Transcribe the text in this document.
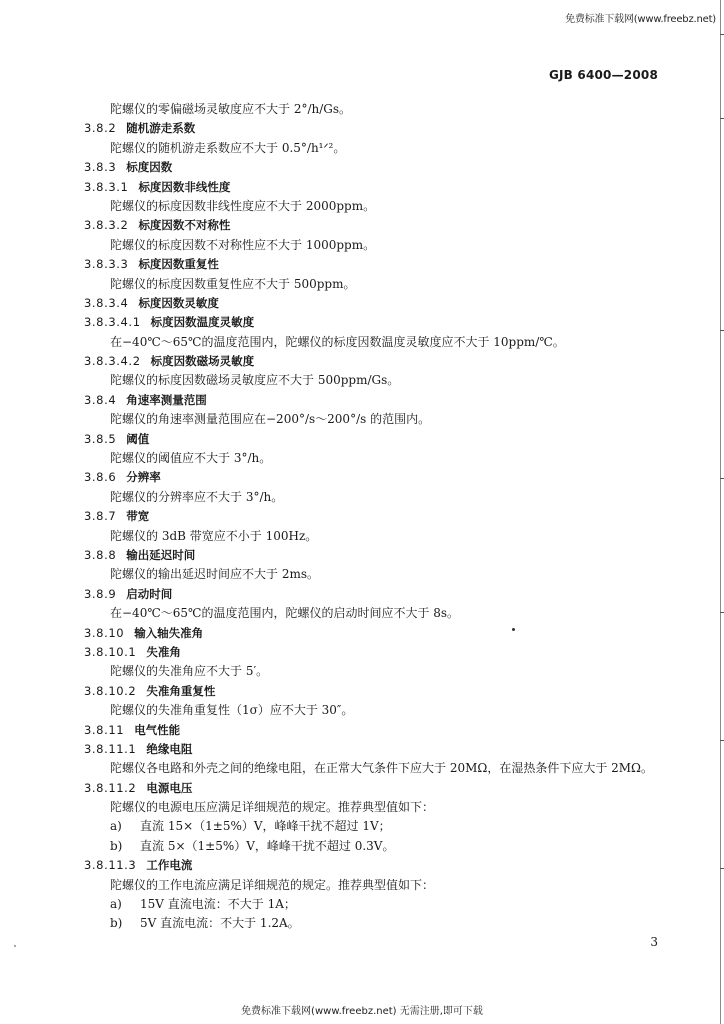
免费标准下载网(www.freebz.net)
GJB 6400—2008
陀螺仪的零偏磁场灵敏度应不大于 2°/h/Gs。
3.8.2 随机游走系数
陀螺仪的随机游走系数应不大于 0.5°/h¹ᐟ²。
3.8.3 标度因数
3.8.3.1 标度因数非线性度
陀螺仪的标度因数非线性度应不大于 2000ppm。
3.8.3.2 标度因数不对称性
陀螺仪的标度因数不对称性应不大于 1000ppm。
3.8.3.3 标度因数重复性
陀螺仪的标度因数重复性应不大于 500ppm。
3.8.3.4 标度因数灵敏度
3.8.3.4.1 标度因数温度灵敏度
在−40℃～65℃的温度范围内，陀螺仪的标度因数温度灵敏度应不大于 10ppm/℃。
3.8.3.4.2 标度因数磁场灵敏度
陀螺仪的标度因数磁场灵敏度应不大于 500ppm/Gs。
3.8.4 角速率测量范围
陀螺仪的角速率测量范围应在−200°/s～200°/s 的范围内。
3.8.5 阈值
陀螺仪的阈值应不大于 3°/h。
3.8.6 分辨率
陀螺仪的分辨率应不大于 3°/h。
3.8.7 带宽
陀螺仪的 3dB 带宽应不小于 100Hz。
3.8.8 输出延迟时间
陀螺仪的输出延迟时间应不大于 2ms。
3.8.9 启动时间
在−40℃～65℃的温度范围内，陀螺仪的启动时间应不大于 8s。
3.8.10 输入轴失准角
3.8.10.1 失准角
陀螺仪的失准角应不大于 5′。
3.8.10.2 失准角重复性
陀螺仪的失准角重复性（1σ）应不大于 30″。
3.8.11 电气性能
3.8.11.1 绝缘电阻
陀螺仪各电路和外壳之间的绝缘电阻，在正常大气条件下应大于 20MΩ，在湿热条件下应大于 2MΩ。
3.8.11.2 电源电压
陀螺仪的电源电压应满足详细规范的规定。推荐典型值如下：
a) 直流 15×（1±5%）V，峰峰干扰不超过 1V；
b) 直流 5×（1±5%）V，峰峰干扰不超过 0.3V。
3.8.11.3 工作电流
陀螺仪的工作电流应满足详细规范的规定。推荐典型值如下：
a) 15V 直流电流：不大于 1A；
b) 5V 直流电流：不大于 1.2A。
3
免费标准下载网(www.freebz.net) 无需注册,即可下载
